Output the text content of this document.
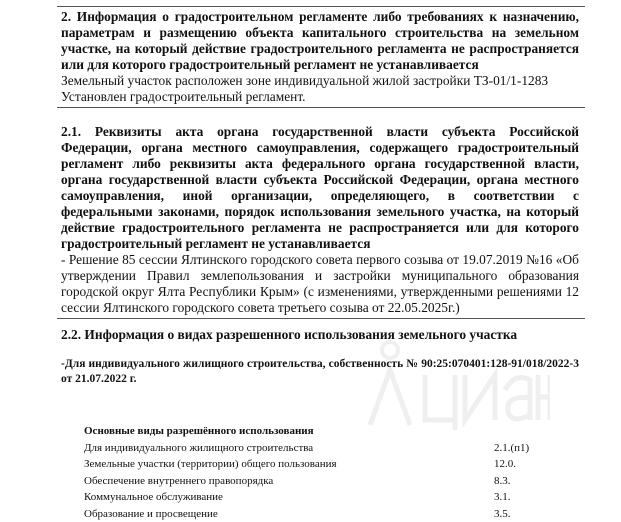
2. Информация о градостроительном регламенте либо требованиях к назначению, параметрам и размещению объекта капитального строительства на земельном участке, на который действие градостроительного регламента не распространяется или для которого градостроительный регламент не устанавливается
Земельный участок расположен зоне индивидуальной жилой застройки ТЗ-01/1-1283
Установлен градостроительный регламент.
2.1. Реквизиты акта органа государственной власти субъекта Российской Федерации, органа местного самоуправления, содержащего градостроительный регламент либо реквизиты акта федерального органа государственной власти, органа государственной власти субъекта Российской Федерации, органа местного самоуправления, иной организации, определяющего, в соответствии с федеральными законами, порядок использования земельного участка, на который действие градостроительного регламента не распространяется или для которого градостроительный регламент не устанавливается
- Решение 85 сессии Ялтинского городского совета первого созыва от 19.07.2019 №16 «Об утверждении Правил землепользования и застройки муниципального образования городской округ Ялта Республики Крым» (с изменениями, утвержденными решениями 12 сессии Ялтинского городского совета третьего созыва от 22.05.2025г.)
2.2. Информация о видах разрешенного использования земельного участка
-Для индивидуального жилищного строительства, собственность № 90:25:070401:128-91/018/2022-3 от 21.07.2022 г.
Основные виды разрешённого использования
Для индивидуального жилищного строительства	2.1.(п1)
Земельные участки (территории) общего пользования	12.0.
Обеспечение внутреннего правопорядка	8.3.
Коммунальное обслуживание	3.1.
Образование и просвещение	3.5.
